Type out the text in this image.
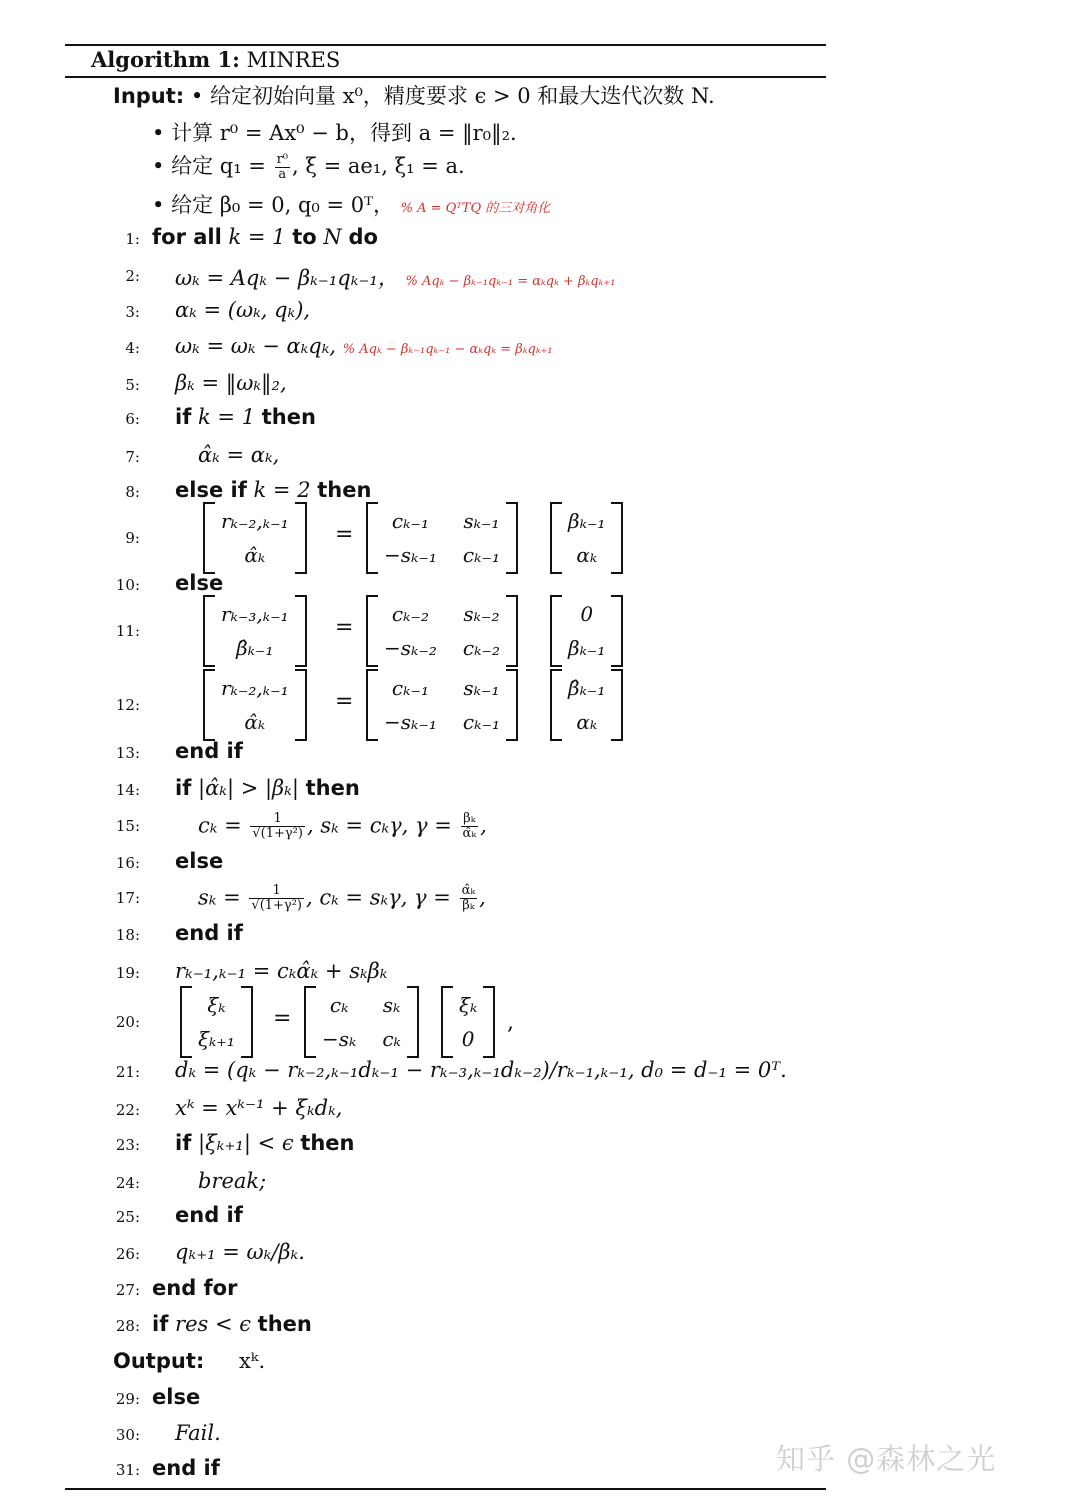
Algorithm 1: MINRES
Input: • 给定初始向量 x⁰，精度要求 ϵ > 0 和最大迭代次数 N.
• 计算 r⁰ = Ax⁰ − b，得到 a = ‖r₀‖₂.
• 给定 $q_1 = \frac{\text{r⁰}}{a}$ , ξ = ae₁, ξ₁ = a.
• 给定 β₀ = 0, q₀ = 0ᵀ， % A = QᵀTQ 的三对角化
1: for all k = 1 to N do
2: ωₖ = Aqₖ − βₖ₋₁qₖ₋₁， % Aqₖ − βₖ₋₁qₖ₋₁ = αₖqₖ + βₖqₖ₊₁
3: αₖ = (ωₖ, qₖ),
4: ωₖ = ωₖ − αₖqₖ, % Aqₖ − βₖ₋₁qₖ₋₁ − αₖqₖ = βₖqₖ₊₁
5: βₖ = ‖ωₖ‖₂,
6: if k = 1 then
7:	α̂ₖ = αₖ,
8: else if k = 2 then
9:
10: else
11:
12:
13: end if
14: if |α̂ₖ| > |βₖ| then
15:	$c_k = \frac{1}{\text{√(1+γ²)}}$ , sₖ = cₖγ, $\gamma = \frac{\text{βₖ}}{\text{α̂ₖ}}$ ,
16: else
17:	$s_k = \frac{1}{\text{√(1+γ²)}}$ , cₖ = sₖγ, $\gamma = \frac{\text{α̂ₖ}}{\text{βₖ}}$ ,
18: end if
19: rₖ₋₁,ₖ₋₁ = cₖα̂ₖ + sₖβₖ
20:
21: dₖ = (qₖ − rₖ₋₂,ₖ₋₁dₖ₋₁ − rₖ₋₃,ₖ₋₁dₖ₋₂)/rₖ₋₁,ₖ₋₁, d₀ = d₋₁ = 0ᵀ.
22: xᵏ = xᵏ⁻¹ + ξₖdₖ,
23: if |ξₖ₊₁| < ϵ then
24:	break;
25: end if
26: qₖ₊₁ = ωₖ/βₖ.
27: end for
28: if res < ϵ then
29: else
30: Fail.
31: end if
rₖ₋₂,ₖ₋₁
α̂ₖ
=
cₖ₋₁	sₖ₋₁
−sₖ₋₁ cₖ₋₁
βₖ₋₁
αₖ
rₖ₋₃,ₖ₋₁
β̂ₖ₋₁
=
cₖ₋₂	sₖ₋₂
−sₖ₋₂ cₖ₋₂
0
βₖ₋₁
rₖ₋₂,ₖ₋₁
α̂ₖ
=
cₖ₋₁	sₖ₋₁
−sₖ₋₁ cₖ₋₁
β̂ₖ₋₁
αₖ
ξₖ
ξₖ₊₁
=
cₖ	sₖ
−sₖ cₖ
ξₖ
0
,
Output: xᵏ.
知乎 @森林之光
